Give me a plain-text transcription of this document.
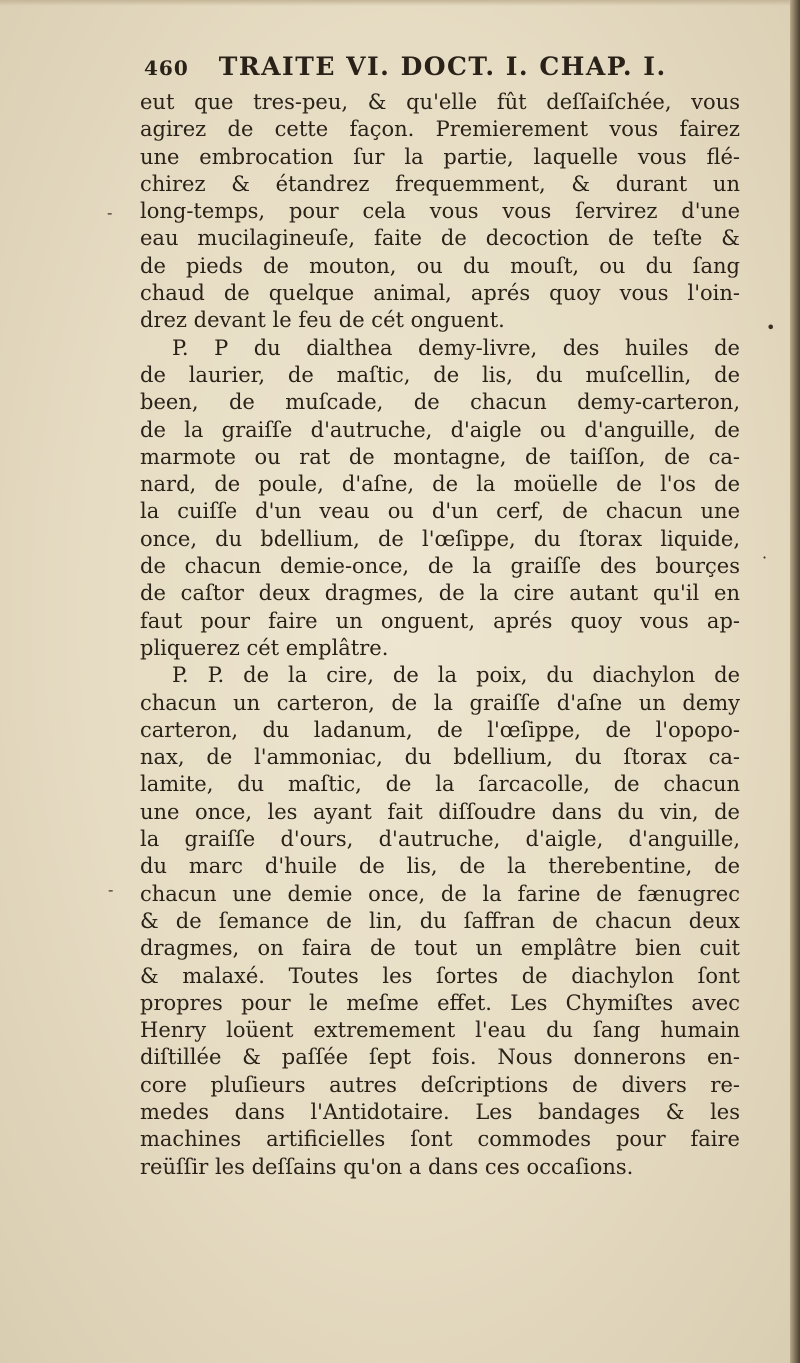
-
•
·
-
460 TRAITE VI. DOCT. I. CHAP. I.
eut que tres-peu, & qu'elle fût deſſaiſchée, vous
agirez de cette façon. Premierement vous fairez
une embrocation ſur la partie, laquelle vous flé-
chirez & étandrez frequemment, & durant un
long-temps, pour cela vous vous ſervirez d'une
eau mucilagineuſe, faite de decoction de teſte &
de pieds de mouton, ou du mouſt, ou du ſang
chaud de quelque animal, aprés quoy vous l'oin-
drez devant le feu de cét onguent.
P. P du dialthea demy-livre, des huiles de
de laurier, de maſtic, de lis, du muſcellin, de
been, de muſcade, de chacun demy-carteron,
de la graiſſe d'autruche, d'aigle ou d'anguille, de
marmote ou rat de montagne, de taiſſon, de ca-
nard, de poule, d'aſne, de la moüelle de l'os de
la cuiſſe d'un veau ou d'un cerf, de chacun une
once, du bdellium, de l'œſippe, du ſtorax liquide,
de chacun demie-once, de la graiſſe des bourçes
de caſtor deux dragmes, de la cire autant qu'il en
faut pour faire un onguent, aprés quoy vous ap-
pliquerez cét emplâtre.
P. P. de la cire, de la poix, du diachylon de
chacun un carteron, de la graiſſe d'aſne un demy
carteron, du ladanum, de l'œſippe, de l'opopo-
nax, de l'ammoniac, du bdellium, du ſtorax ca-
lamite, du maſtic, de la ſarcacolle, de chacun
une once, les ayant fait diſſoudre dans du vin, de
la graiſſe d'ours, d'autruche, d'aigle, d'anguille,
du marc d'huile de lis, de la therebentine, de
chacun une demie once, de la farine de fænugrec
& de ſemance de lin, du ſaffran de chacun deux
dragmes, on faira de tout un emplâtre bien cuit
& malaxé. Toutes les ſortes de diachylon ſont
propres pour le meſme effet. Les Chymiſtes avec
Henry loüent extremement l'eau du ſang humain
diſtillée & paſſée ſept fois. Nous donnerons en-
core pluſieurs autres deſcriptions de divers re-
medes dans l'Antidotaire. Les bandages & les
machines artificielles ſont commodes pour faire
reüſſir les deſſains qu'on a dans ces occaſions.
